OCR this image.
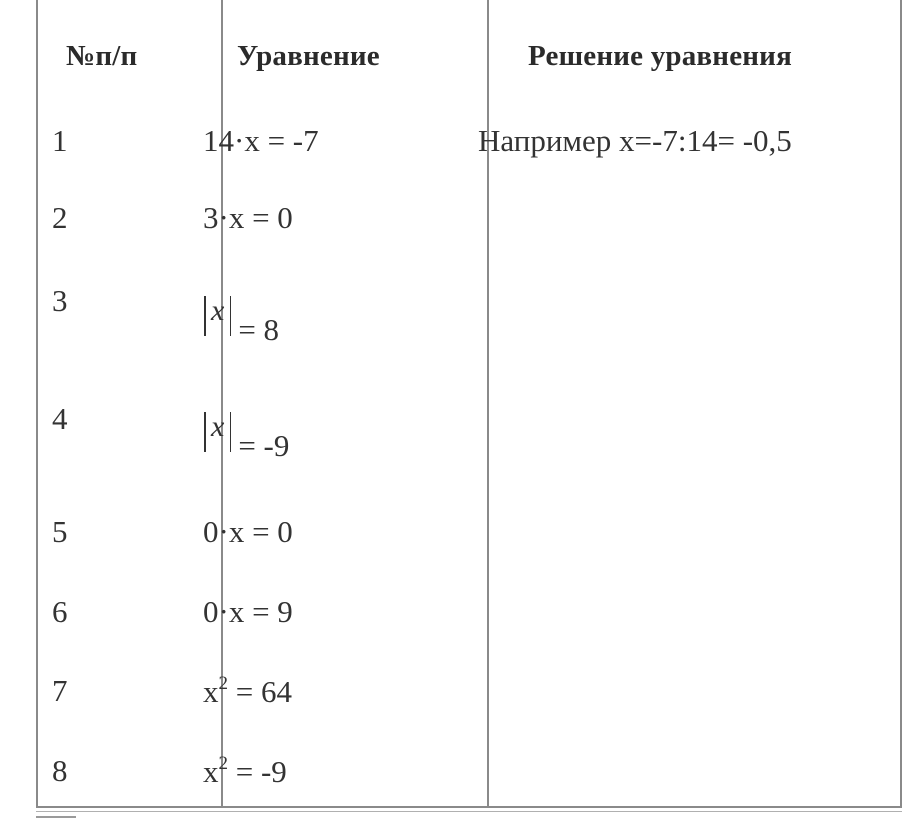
№п/п	Уравнение	Решение уравнения
1	14·x = -7	Например x=-7:14= -0,5
2	3·x = 0
3	x= 8
4	x= -9
5	0·x = 0
6	0·x = 9
7	$x^2 = 64$
8	$x^2 = -9$
